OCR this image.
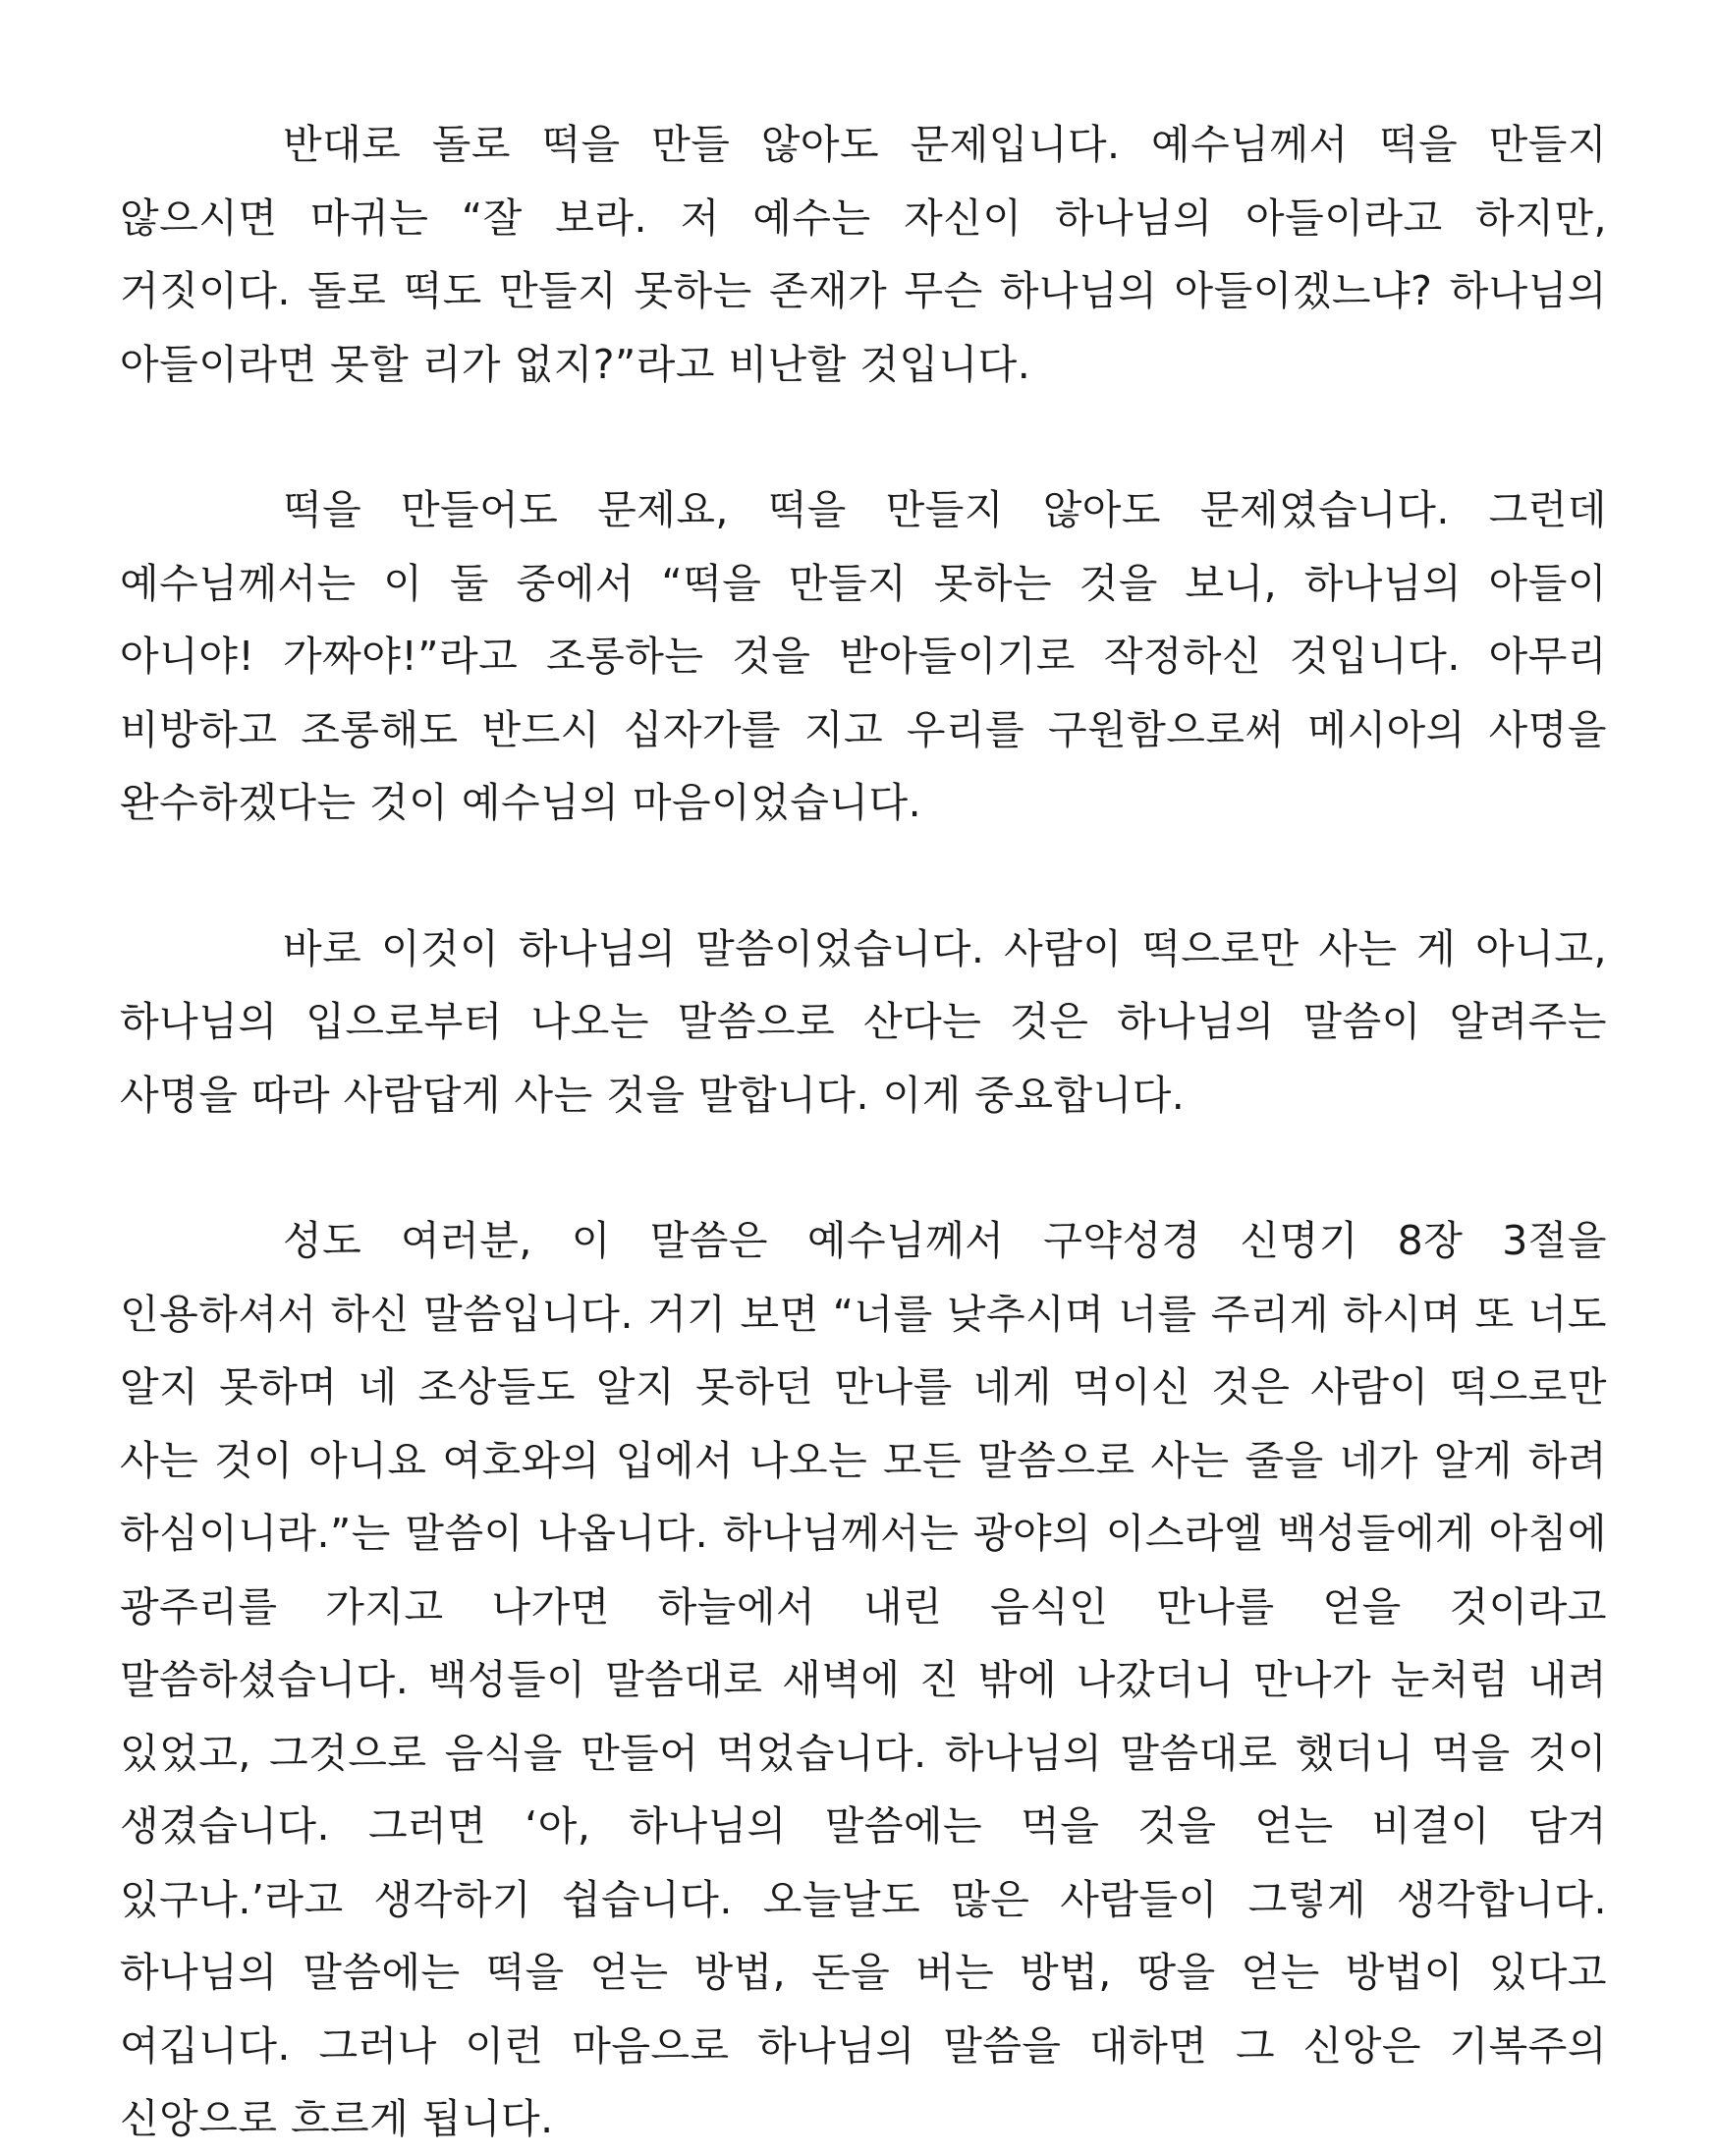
반대로 돌로 떡을 만들 않아도 문제입니다. 예수님께서 떡을 만들지 않으시면 마귀는 “잘 보라. 저 예수는 자신이 하나님의 아들이라고 하지만, 거짓이다. 돌로 떡도 만들지 못하는 존재가 무슨 하나님의 아들이겠느냐? 하나님의 아들이라면 못할 리가 없지?”라고 비난할 것입니다.

떡을 만들어도 문제요, 떡을 만들지 않아도 문제였습니다. 그런데 예수님께서는 이 둘 중에서 “떡을 만들지 못하는 것을 보니, 하나님의 아들이 아니야! 가짜야!”라고 조롱하는 것을 받아들이기로 작정하신 것입니다. 아무리 비방하고 조롱해도 반드시 십자가를 지고 우리를 구원함으로써 메시아의 사명을 완수하겠다는 것이 예수님의 마음이었습니다.

바로 이것이 하나님의 말씀이었습니다. 사람이 떡으로만 사는 게 아니고, 하나님의 입으로부터 나오는 말씀으로 산다는 것은 하나님의 말씀이 알려주는 사명을 따라 사람답게 사는 것을 말합니다. 이게 중요합니다.

성도 여러분, 이 말씀은 예수님께서 구약성경 신명기 8장 3절을 인용하셔서 하신 말씀입니다. 거기 보면 “너를 낮추시며 너를 주리게 하시며 또 너도 알지 못하며 네 조상들도 알지 못하던 만나를 네게 먹이신 것은 사람이 떡으로만 사는 것이 아니요 여호와의 입에서 나오는 모든 말씀으로 사는 줄을 네가 알게 하려 하심이니라.”는 말씀이 나옵니다. 하나님께서는 광야의 이스라엘 백성들에게 아침에 광주리를 가지고 나가면 하늘에서 내린 음식인 만나를 얻을 것이라고 말씀하셨습니다. 백성들이 말씀대로 새벽에 진 밖에 나갔더니 만나가 눈처럼 내려 있었고, 그것으로 음식을 만들어 먹었습니다. 하나님의 말씀대로 했더니 먹을 것이 생겼습니다. 그러면 ‘아, 하나님의 말씀에는 먹을 것을 얻는 비결이 담겨 있구나.’라고 생각하기 쉽습니다. 오늘날도 많은 사람들이 그렇게 생각합니다. 하나님의 말씀에는 떡을 얻는 방법, 돈을 버는 방법, 땅을 얻는 방법이 있다고 여깁니다. 그러나 이런 마음으로 하나님의 말씀을 대하면 그 신앙은 기복주의 신앙으로 흐르게 됩니다.
